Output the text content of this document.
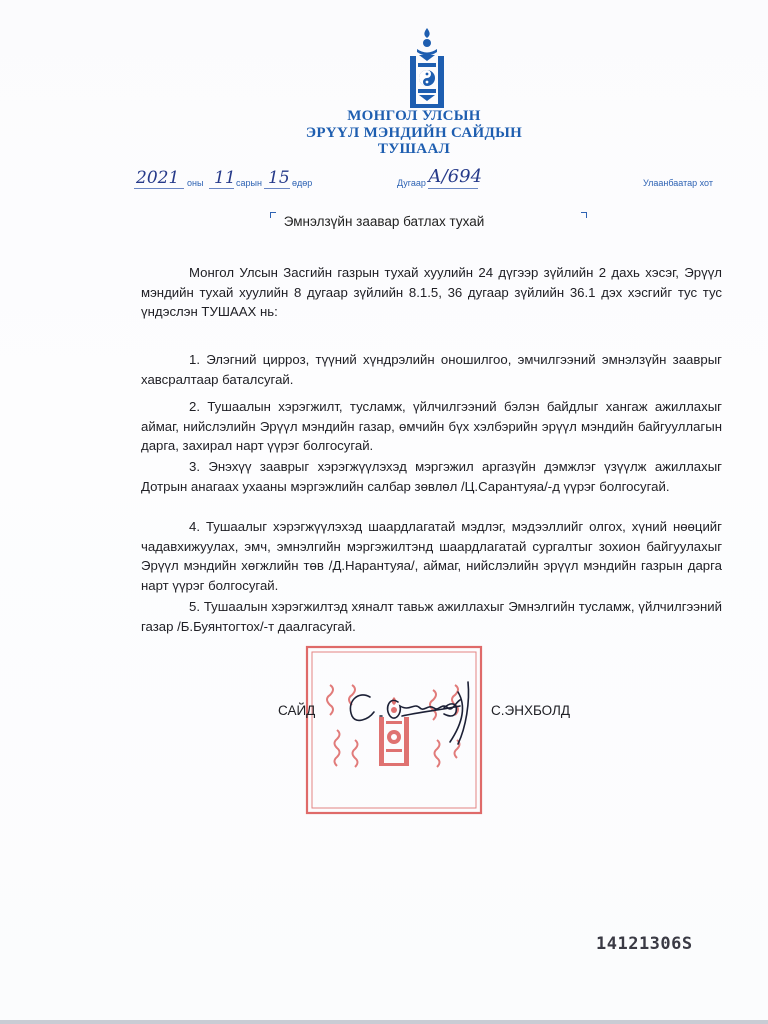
МОНГОЛ УЛСЫН
ЭРҮҮЛ МЭНДИЙН САЙДЫН
ТУШААЛ
2021 оны 11 сарын 15 өдөр	Дугаар А/694	Улаанбаатар хот
Эмнэлзүйн заавар батлах тухай
Монгол Улсын Засгийн газрын тухай хуулийн 24 дүгээр зүйлийн 2 дахь хэсэг, Эрүүл мэндийн тухай хуулийн 8 дугаар зүйлийн 8.1.5, 36 дугаар зүйлийн 36.1 дэх хэсгийг тус тус үндэслэн ТУШААХ нь:
1. Элэгний цирроз, түүний хүндрэлийн оношилгоо, эмчилгээний эмнэлзүйн зааврыг хавсралтаар баталсугай.
2. Тушаалын хэрэгжилт, тусламж, үйлчилгээний бэлэн байдлыг хангаж ажиллахыг аймаг, нийслэлийн Эрүүл мэндийн газар, өмчийн бүх хэлбэрийн эрүүл мэндийн байгууллагын дарга, захирал нарт үүрэг болгосугай.
3. Энэхүү зааврыг хэрэгжүүлэхэд мэргэжил аргазүйн дэмжлэг үзүүлж ажиллахыг Дотрын анагаах ухааны мэргэжлийн салбар зөвлөл /Ц.Сарантуяа/-д үүрэг болгосугай.
4. Тушаалыг хэрэгжүүлэхэд шаардлагатай мэдлэг, мэдээллийг олгох, хүний нөөцийг чадавхижуулах, эмч, эмнэлгийн мэргэжилтэнд шаардлагатай сургалтыг зохион байгуулахыг Эрүүл мэндийн хөгжлийн төв /Д.Нарантуяа/, аймаг, нийслэлийн эрүүл мэндийн газрын дарга нарт үүрэг болгосугай.
5. Тушаалын хэрэгжилтэд хяналт тавьж ажиллахыг Эмнэлгийн тусламж, үйлчилгээний газар /Б.Буянтогтох/-т даалгасугай.
САЙД	С.ЭНХБОЛД
14121306S
